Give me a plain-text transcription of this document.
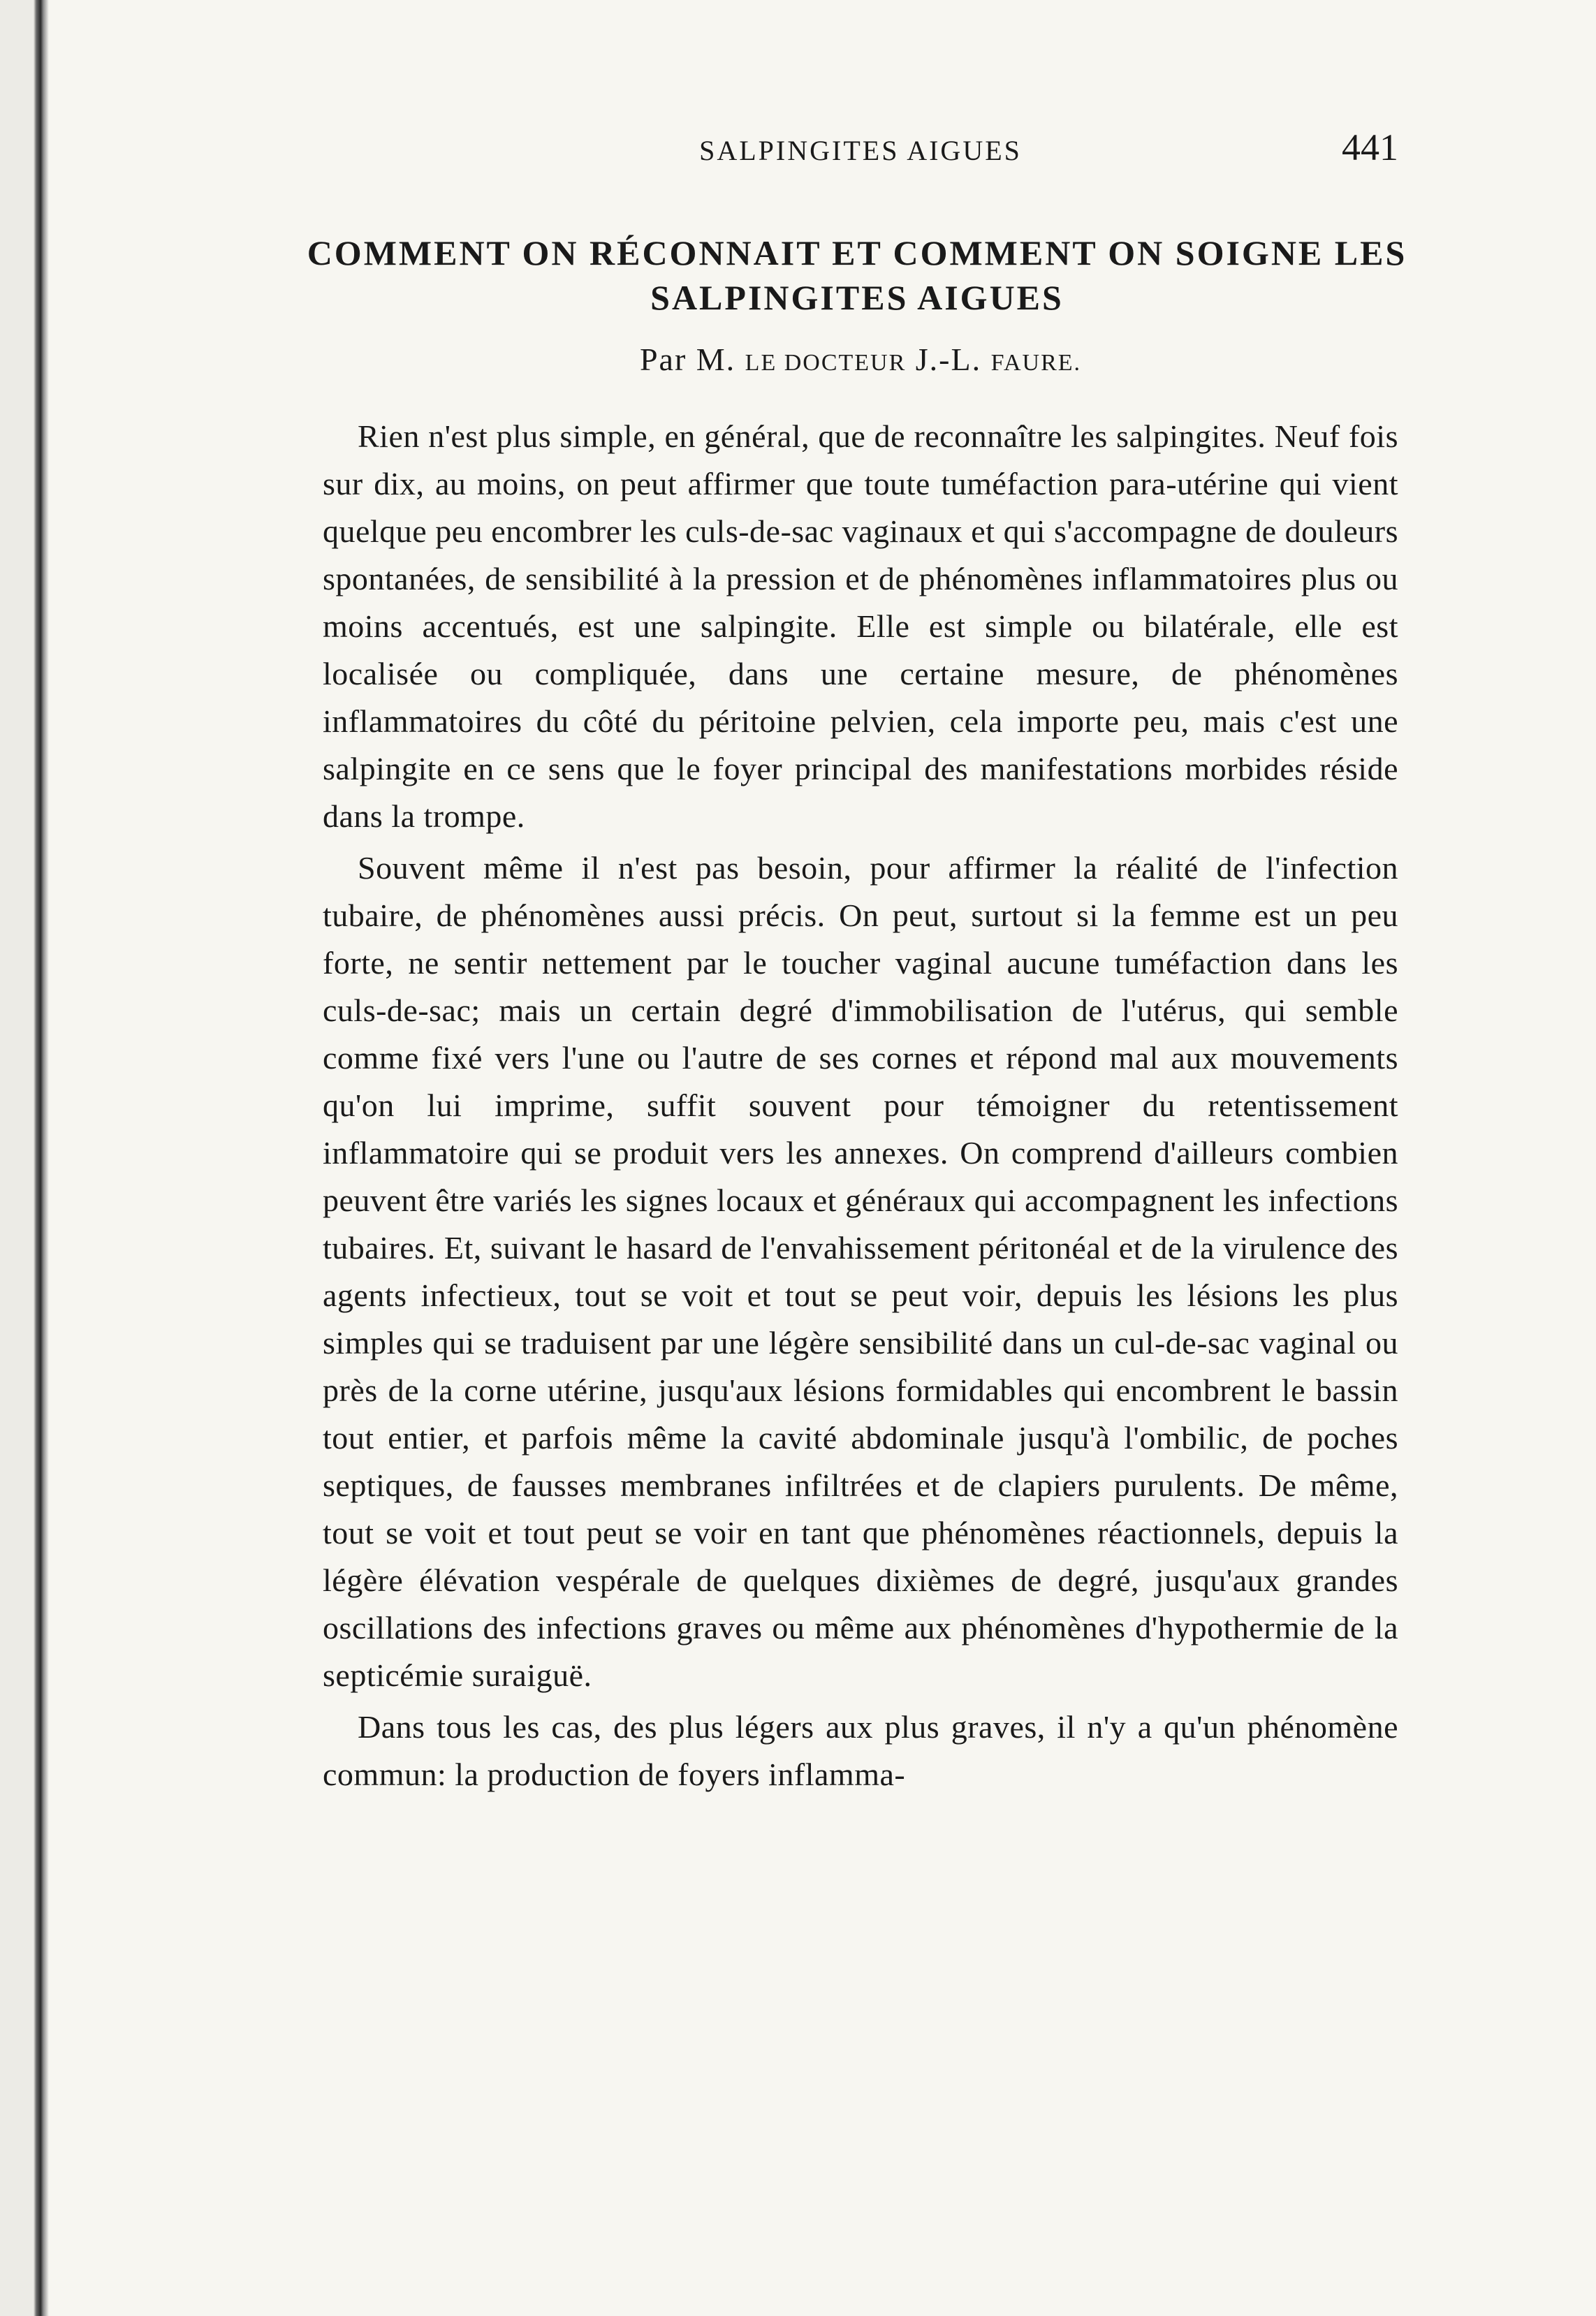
SALPINGITES AIGUES	441
COMMENT ON RÉCONNAIT ET COMMENT ON SOIGNE LES
SALPINGITES AIGUES
Par M. LE DOCTEUR J.-L. FAURE.

Rien n'est plus simple, en général, que de reconnaître les salpingites. Neuf fois sur dix, au moins, on peut affirmer que toute tuméfaction para-utérine qui vient quelque peu encombrer les culs-de-sac vaginaux et qui s'accompagne de douleurs spontanées, de sensibilité à la pression et de phénomènes inflammatoires plus ou moins accentués, est une salpingite. Elle est simple ou bilatérale, elle est localisée ou compliquée, dans une certaine mesure, de phénomènes inflammatoires du côté du péritoine pelvien, cela importe peu, mais c'est une salpingite en ce sens que le foyer principal des manifestations morbides réside dans la trompe.

Souvent même il n'est pas besoin, pour affirmer la réalité de l'infection tubaire, de phénomènes aussi précis. On peut, surtout si la femme est un peu forte, ne sentir nettement par le toucher vaginal aucune tuméfaction dans les culs-de-sac; mais un certain degré d'immobilisation de l'utérus, qui semble comme fixé vers l'une ou l'autre de ses cornes et répond mal aux mouvements qu'on lui imprime, suffit souvent pour témoigner du retentissement inflammatoire qui se produit vers les annexes. On comprend d'ailleurs combien peuvent être variés les signes locaux et généraux qui accompagnent les infections tubaires. Et, suivant le hasard de l'envahissement péritonéal et de la virulence des agents infectieux, tout se voit et tout se peut voir, depuis les lésions les plus simples qui se traduisent par une légère sensibilité dans un cul-de-sac vaginal ou près de la corne utérine, jusqu'aux lésions formidables qui encombrent le bassin tout entier, et parfois même la cavité abdominale jusqu'à l'ombilic, de poches septiques, de fausses membranes infiltrées et de clapiers purulents. De même, tout se voit et tout peut se voir en tant que phénomènes réactionnels, depuis la légère élévation vespérale de quelques dixièmes de degré, jusqu'aux grandes oscillations des infections graves ou même aux phénomènes d'hypothermie de la septicémie suraiguë.

Dans tous les cas, des plus légers aux plus graves, il n'y a qu'un phénomène commun: la production de foyers inflamma-
